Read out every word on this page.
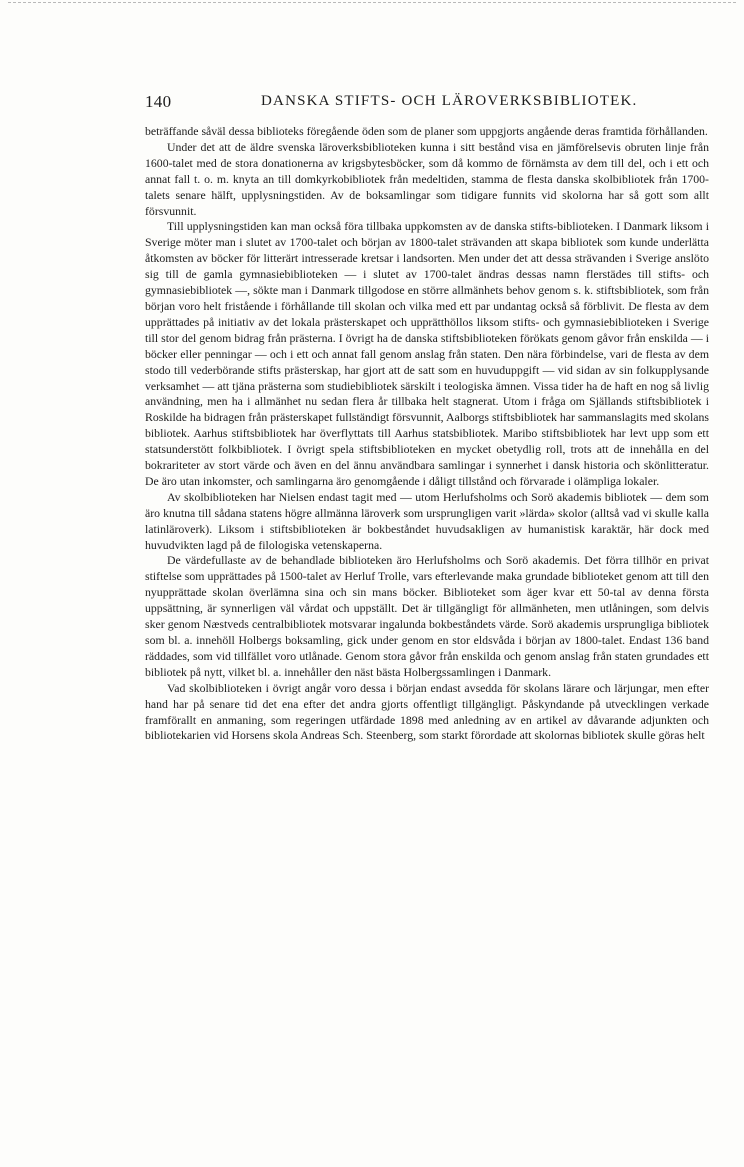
140	DANSKA STIFTS- OCH LÄROVERKSBIBLIOTEK.

beträffande såväl dessa biblioteks föregående öden som de planer som uppgjorts angående deras framtida förhållanden.

Under det att de äldre svenska läroverksbiblioteken kunna i sitt bestånd visa en jämförelsevis obruten linje från 1600-talet med de stora donationerna av krigsbytesböcker, som då kommo de förnämsta av dem till del, och i ett och annat fall t. o. m. knyta an till domkyrkobibliotek från medeltiden, stamma de flesta danska skolbibliotek från 1700-talets senare hälft, upplysningstiden. Av de boksamlingar som tidigare funnits vid skolorna har så gott som allt försvunnit.

Till upplysningstiden kan man också föra tillbaka uppkomsten av de danska stifts-biblioteken. I Danmark liksom i Sverige möter man i slutet av 1700-talet och början av 1800-talet strävanden att skapa bibliotek som kunde underlätta åtkomsten av böcker för litterärt intresserade kretsar i landsorten. Men under det att dessa strävanden i Sverige anslöto sig till de gamla gymnasiebiblioteken — i slutet av 1700-talet ändras dessas namn flerstädes till stifts- och gymnasiebibliotek —, sökte man i Danmark tillgodose en större allmänhets behov genom s. k. stiftsbibliotek, som från början voro helt fristående i förhållande till skolan och vilka med ett par undantag också så förblivit. De flesta av dem upprättades på initiativ av det lokala prästerskapet och upprätthöllos liksom stifts- och gymnasiebiblioteken i Sverige till stor del genom bidrag från prästerna. I övrigt ha de danska stiftsbiblioteken förökats genom gåvor från enskilda — i böcker eller penningar — och i ett och annat fall genom anslag från staten. Den nära förbindelse, vari de flesta av dem stodo till vederbörande stifts prästerskap, har gjort att de satt som en huvuduppgift — vid sidan av sin folkupplysande verksamhet — att tjäna prästerna som studiebibliotek särskilt i teologiska ämnen. Vissa tider ha de haft en nog så livlig användning, men ha i allmänhet nu sedan flera år tillbaka helt stagnerat. Utom i fråga om Själlands stiftsbibliotek i Roskilde ha bidragen från prästerskapet fullständigt försvunnit, Aalborgs stiftsbibliotek har sammanslagits med skolans bibliotek. Aarhus stiftsbibliotek har överflyttats till Aarhus statsbibliotek. Maribo stiftsbibliotek har levt upp som ett statsunderstött folkbibliotek. I övrigt spela stiftsbiblioteken en mycket obetydlig roll, trots att de innehålla en del bokrariteter av stort värde och även en del ännu användbara samlingar i synnerhet i dansk historia och skönlitteratur. De äro utan inkomster, och samlingarna äro genomgående i dåligt tillstånd och förvarade i olämpliga lokaler.

Av skolbiblioteken har Nielsen endast tagit med — utom Herlufsholms och Sorö akademis bibliotek — dem som äro knutna till sådana statens högre allmänna läroverk som ursprungligen varit »lärda» skolor (alltså vad vi skulle kalla latinläroverk). Liksom i stiftsbiblioteken är bokbeståndet huvudsakligen av humanistisk karaktär, här dock med huvudvikten lagd på de filologiska vetenskaperna.

De värdefullaste av de behandlade biblioteken äro Herlufsholms och Sorö akademis. Det förra tillhör en privat stiftelse som upprättades på 1500-talet av Herluf Trolle, vars efterlevande maka grundade biblioteket genom att till den nyupprättade skolan överlämna sina och sin mans böcker. Biblioteket som äger kvar ett 50-tal av denna första uppsättning, är synnerligen väl vårdat och uppställt. Det är tillgängligt för allmänheten, men utlåningen, som delvis sker genom Næstveds centralbibliotek motsvarar ingalunda bokbeståndets värde. Sorö akademis ursprungliga bibliotek som bl. a. innehöll Holbergs boksamling, gick under genom en stor eldsvåda i början av 1800-talet. Endast 136 band räddades, som vid tillfället voro utlånade. Genom stora gåvor från enskilda och genom anslag från staten grundades ett bibliotek på nytt, vilket bl. a. innehåller den näst bästa Holbergssamlingen i Danmark.

Vad skolbiblioteken i övrigt angår voro dessa i början endast avsedda för skolans lärare och lärjungar, men efter hand har på senare tid det ena efter det andra gjorts offentligt tillgängligt. Påskyndande på utvecklingen verkade framförallt en anmaning, som regeringen utfärdade 1898 med anledning av en artikel av dåvarande adjunkten och bibliotekarien vid Horsens skola Andreas Sch. Steenberg, som starkt förordade att skolornas bibliotek skulle göras helt
